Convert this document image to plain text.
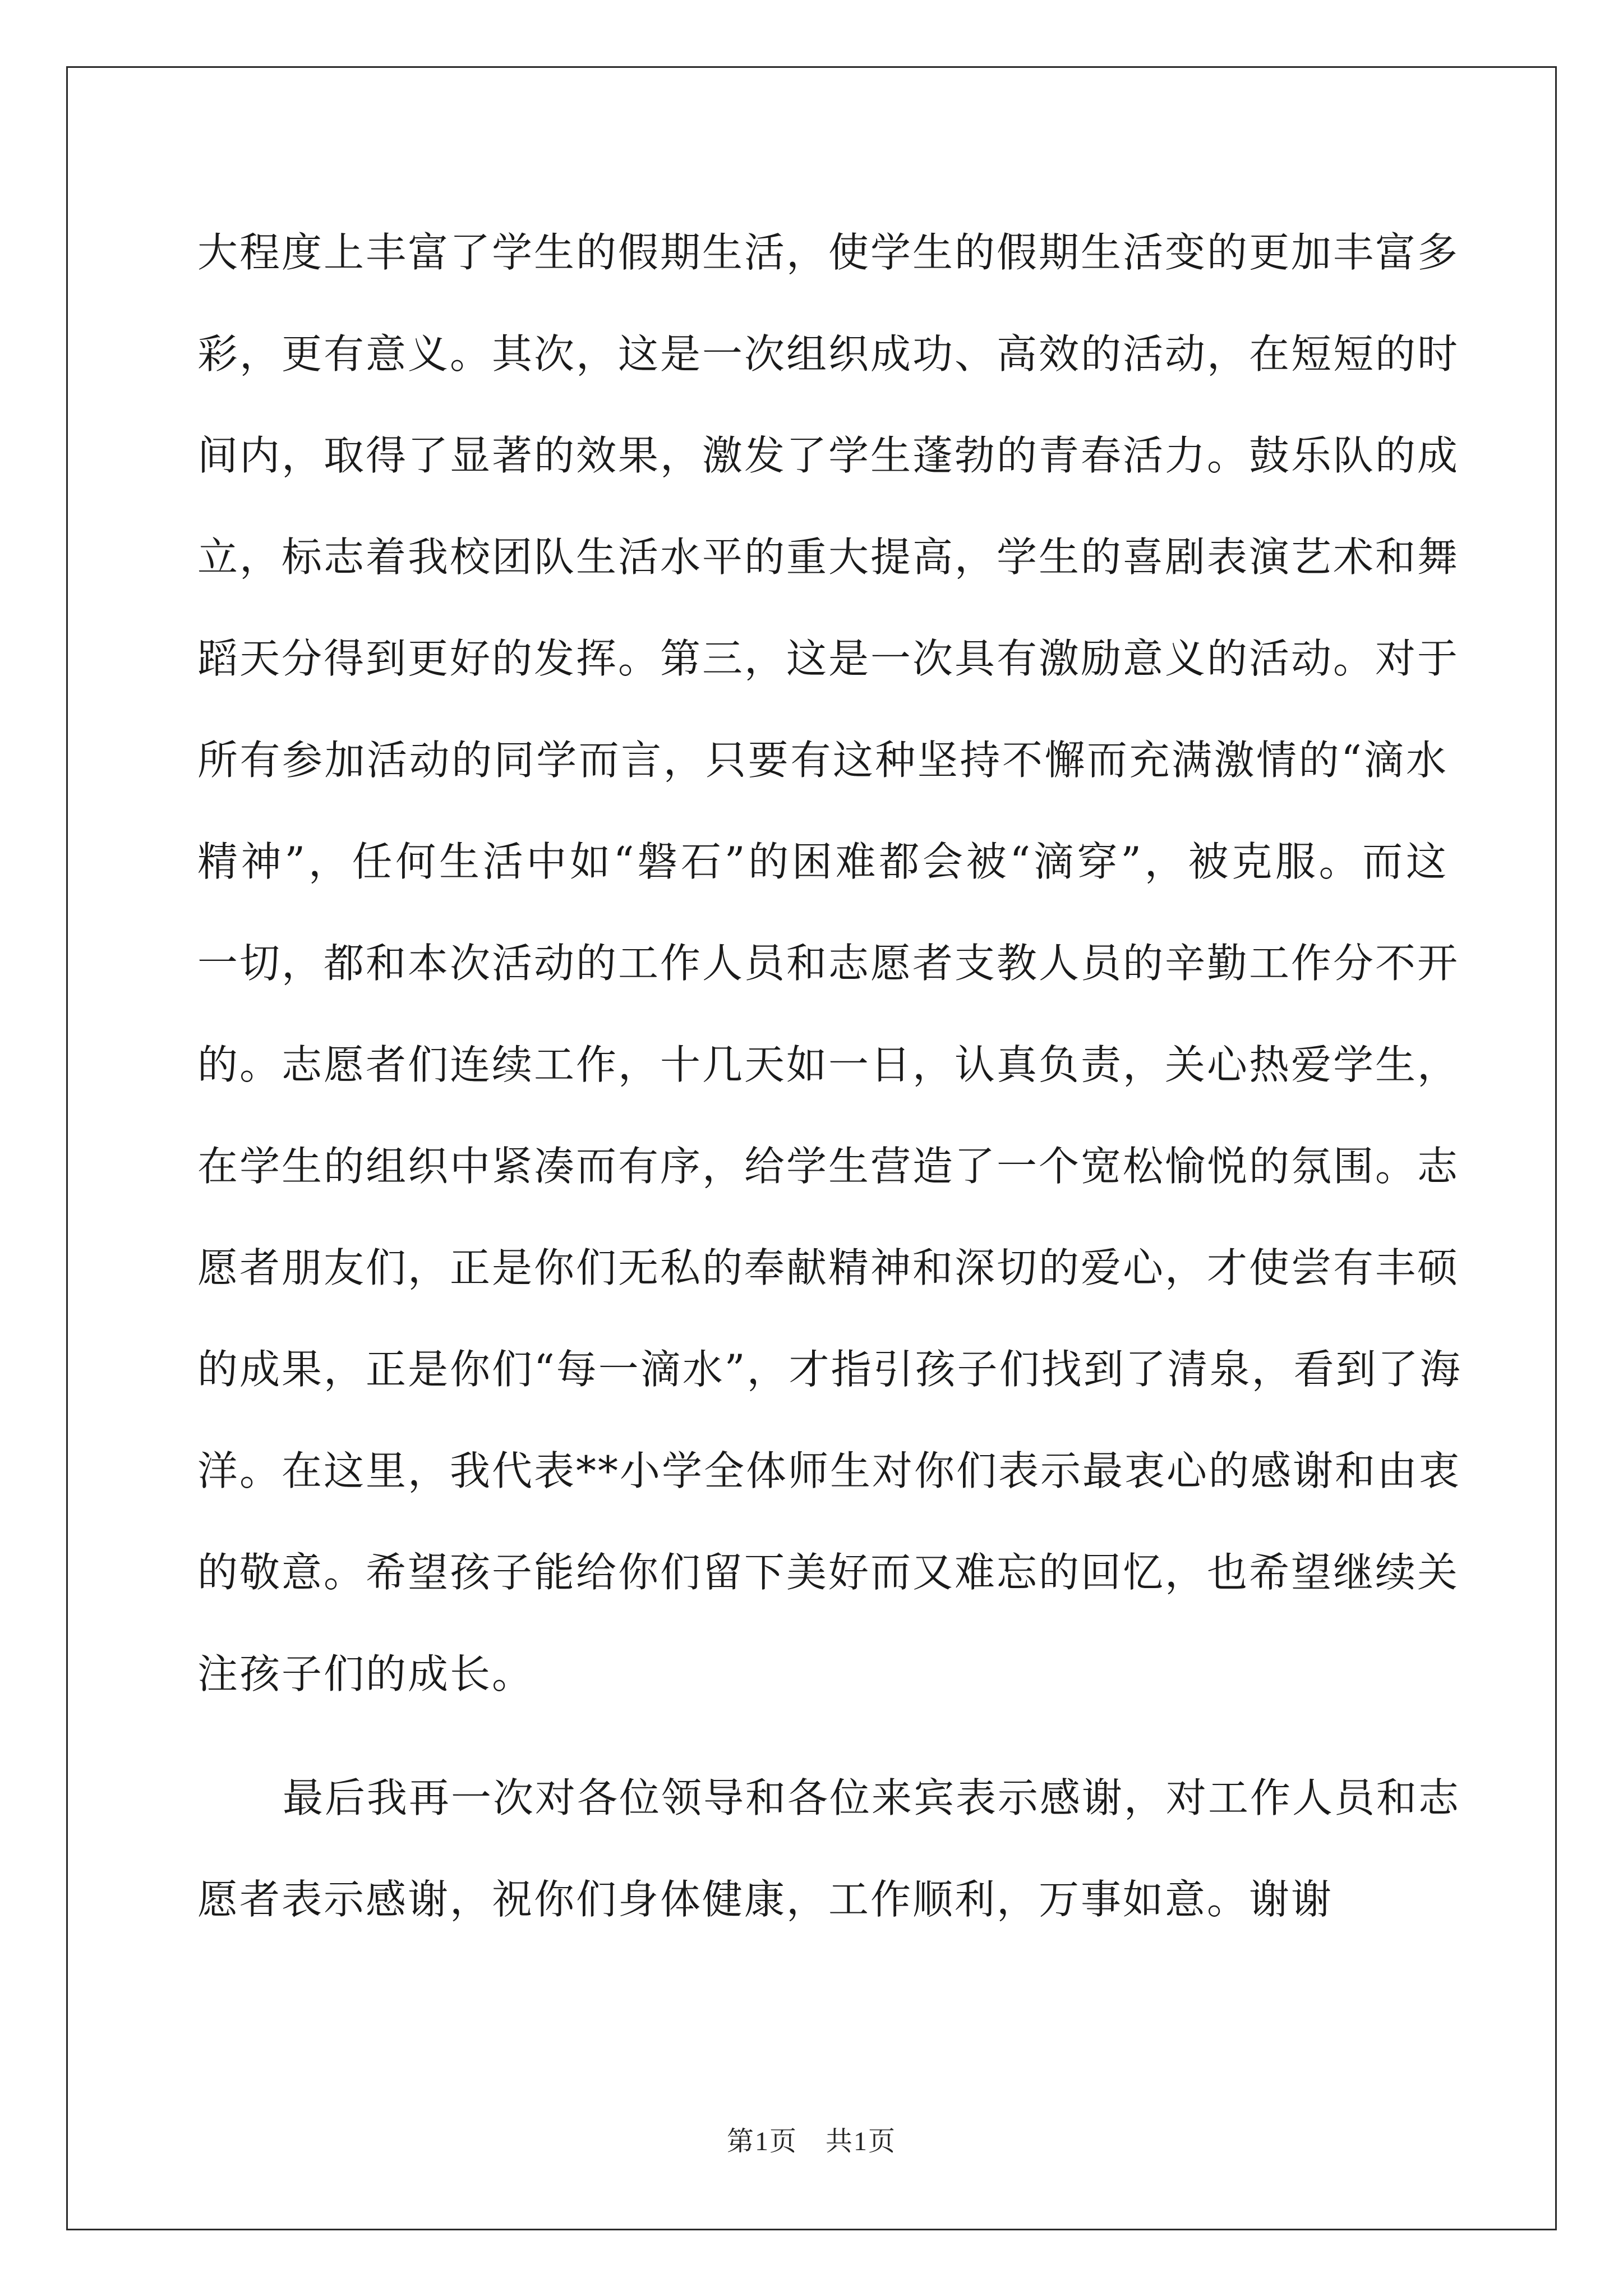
大程度上丰富了学生的假期生活，使学生的假期生活变的更加丰富多
彩，更有意义。其次，这是一次组织成功、高效的活动，在短短的时
间内，取得了显著的效果，激发了学生蓬勃的青春活力。鼓乐队的成
立，标志着我校团队生活水平的重大提高，学生的喜剧表演艺术和舞
蹈天分得到更好的发挥。第三，这是一次具有激励意义的活动。对于
所有参加活动的同学而言，只要有这种坚持不懈而充满激情的“滴水
精神”，任何生活中如“磐石”的困难都会被“滴穿”，被克服。而这
一切，都和本次活动的工作人员和志愿者支教人员的辛勤工作分不开
的。志愿者们连续工作，十几天如一日，认真负责，关心热爱学生，
在学生的组织中紧凑而有序，给学生营造了一个宽松愉悦的氛围。志
愿者朋友们，正是你们无私的奉献精神和深切的爱心，才使尝有丰硕
的成果，正是你们“每一滴水”，才指引孩子们找到了清泉，看到了海
洋。在这里，我代表**小学全体师生对你们表示最衷心的感谢和由衷
的敬意。希望孩子能给你们留下美好而又难忘的回忆，也希望继续关
注孩子们的成长。
最后我再一次对各位领导和各位来宾表示感谢，对工作人员和志
愿者表示感谢，祝你们身体健康，工作顺利，万事如意。谢谢
第1页　共1页
